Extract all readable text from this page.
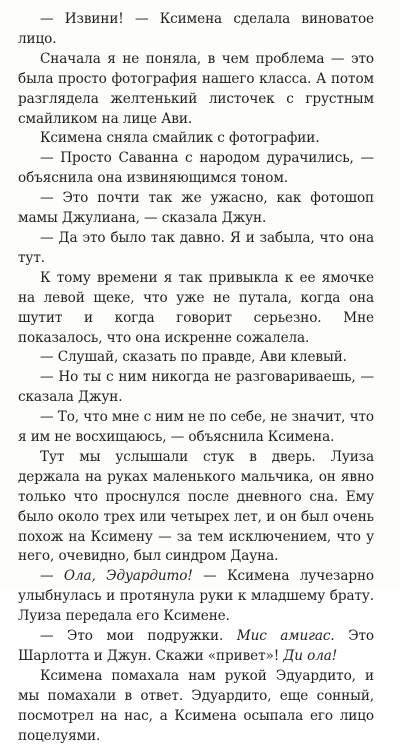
— Извини! — Ксимена сделала виноватое лицо.

Сначала я не поняла, в чем проблема — это была просто фотография нашего класса. А потом разглядела желтенький листочек с грустным смайликом на лице Ави.

Ксимена сняла смайлик с фотографии.

— Просто Саванна с народом дурачились, — объяснила она извиняющимся тоном.

— Это почти так же ужасно, как фотошоп мамы Джулиана, — сказала Джун.

— Да это было так давно. Я и забыла, что она тут.

К тому времени я так привыкла к ее ямочке на левой щеке, что уже не путала, когда она шутит и когда говорит серьезно. Мне показалось, что она искренне сожалела.

— Слушай, сказать по правде, Ави клевый.

— Но ты с ним никогда не разговариваешь, — сказала Джун.

— То, что мне с ним не по себе, не значит, что я им не восхищаюсь, — объяснила Ксимена.

Тут мы услышали стук в дверь. Луиза держала на руках маленького мальчика, он явно только что проснулся после дневного сна. Ему было около трех или четырех лет, и он был очень похож на Ксимену — за тем исключением, что у него, очевидно, был синдром Дауна.

— Ола, Эдуардито! — Ксимена лучезарно улыбнулась и протянула руки к младшему брату. Луиза передала его Ксимене.

— Это мои подружки. Мис амигас. Это Шарлотта и Джун. Скажи «привет»! Ди ола!

Ксимена помахала нам рукой Эдуардито, и мы помахали в ответ. Эдуардито, еще сонный, посмотрел на нас, а Ксимена осыпала его лицо поцелуями.
